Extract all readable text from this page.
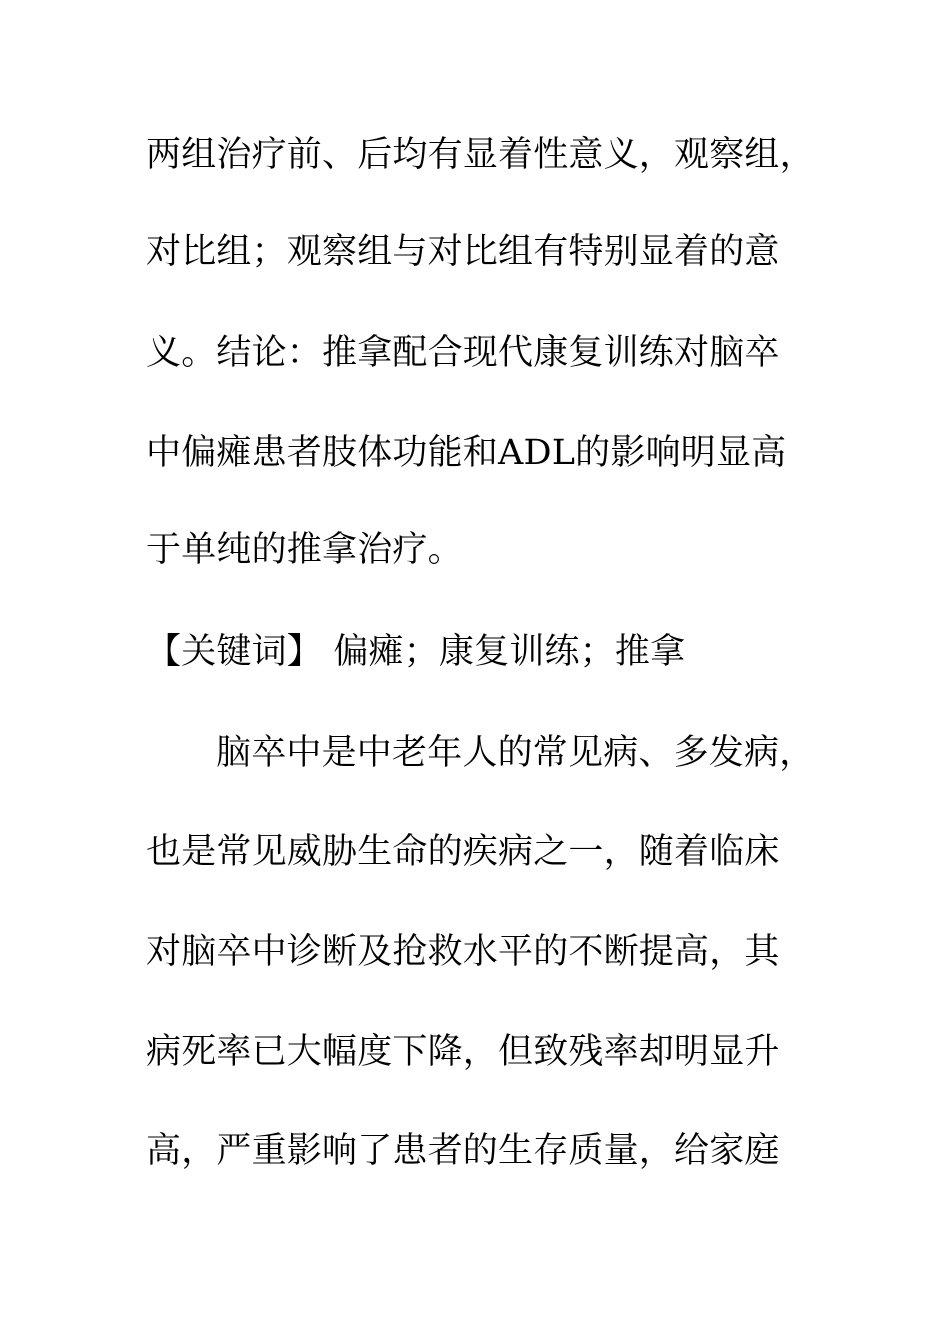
两组治疗前、后均有显着性意义，观察组，
对比组；观察组与对比组有特别显着的意
义。结论：推拿配合现代康复训练对脑卒
中偏瘫患者肢体功能和ADL的影响明显高
于单纯的推拿治疗。
【关键词】 偏瘫；康复训练；推拿
脑卒中是中老年人的常见病、多发病，
也是常见威胁生命的疾病之一，随着临床
对脑卒中诊断及抢救水平的不断提高，其
病死率已大幅度下降，但致残率却明显升
高，严重影响了患者的生存质量，给家庭
